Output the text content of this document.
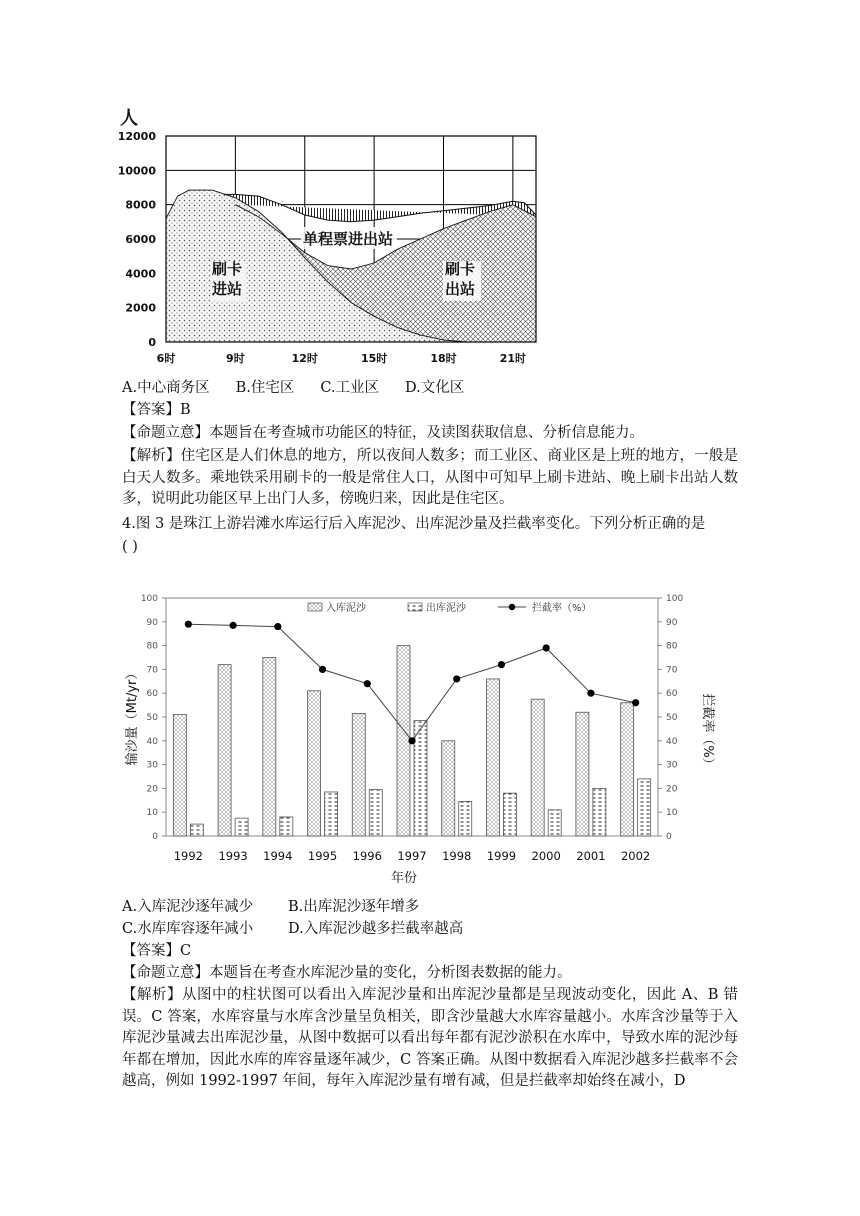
人
12000
10000
8000
6000
4000
2000
0
6时	9时	12时	15时	18时	21时
刷卡
进站
单程票进出站
刷卡
出站
A.中心商务区 B.住宅区 C.工业区 D.文化区
【答案】B
【命题立意】本题旨在考查城市功能区的特征，及读图获取信息、分析信息能力。
【解析】住宅区是人们休息的地方，所以夜间人数多；而工业区、商业区是上班的地方，一般是白天人数多。乘地铁采用刷卡的一般是常住人口，从图中可知早上刷卡进站、晚上刷卡出站人数多，说明此功能区早上出门人多，傍晚归来，因此是住宅区。
4.图 3 是珠江上游岩滩水库运行后入库泥沙、出库泥沙量及拦截率变化。下列分析正确的是
( )
0
10
20
30
40
50
60
70
80
90
100
0
10
20
30
40
50
60
70
80
90
100
1992 1993 1994 1995 1996 1997 1998 1999 2000 2001 2002
入库泥沙	出库泥沙	拦截率（%）
年份
输沙量（Mt/yr）	拦截率（%）
A.入库泥沙逐年减少 B.出库泥沙逐年增多
C.水库库容逐年减小 D.入库泥沙越多拦截率越高
【答案】C
【命题立意】本题旨在考查水库泥沙量的变化，分析图表数据的能力。
【解析】从图中的柱状图可以看出入库泥沙量和出库泥沙量都是呈现波动变化，因此 A、B 错误。C 答案，水库容量与水库含沙量呈负相关，即含沙量越大水库容量越小。水库含沙量等于入库泥沙量减去出库泥沙量，从图中数据可以看出每年都有泥沙淤积在水库中，导致水库的泥沙每年都在增加，因此水库的库容量逐年减少，C 答案正确。从图中数据看入库泥沙越多拦截率不会越高，例如 1992-1997 年间，每年入库泥沙量有增有减，但是拦截率却始终在减小，D
